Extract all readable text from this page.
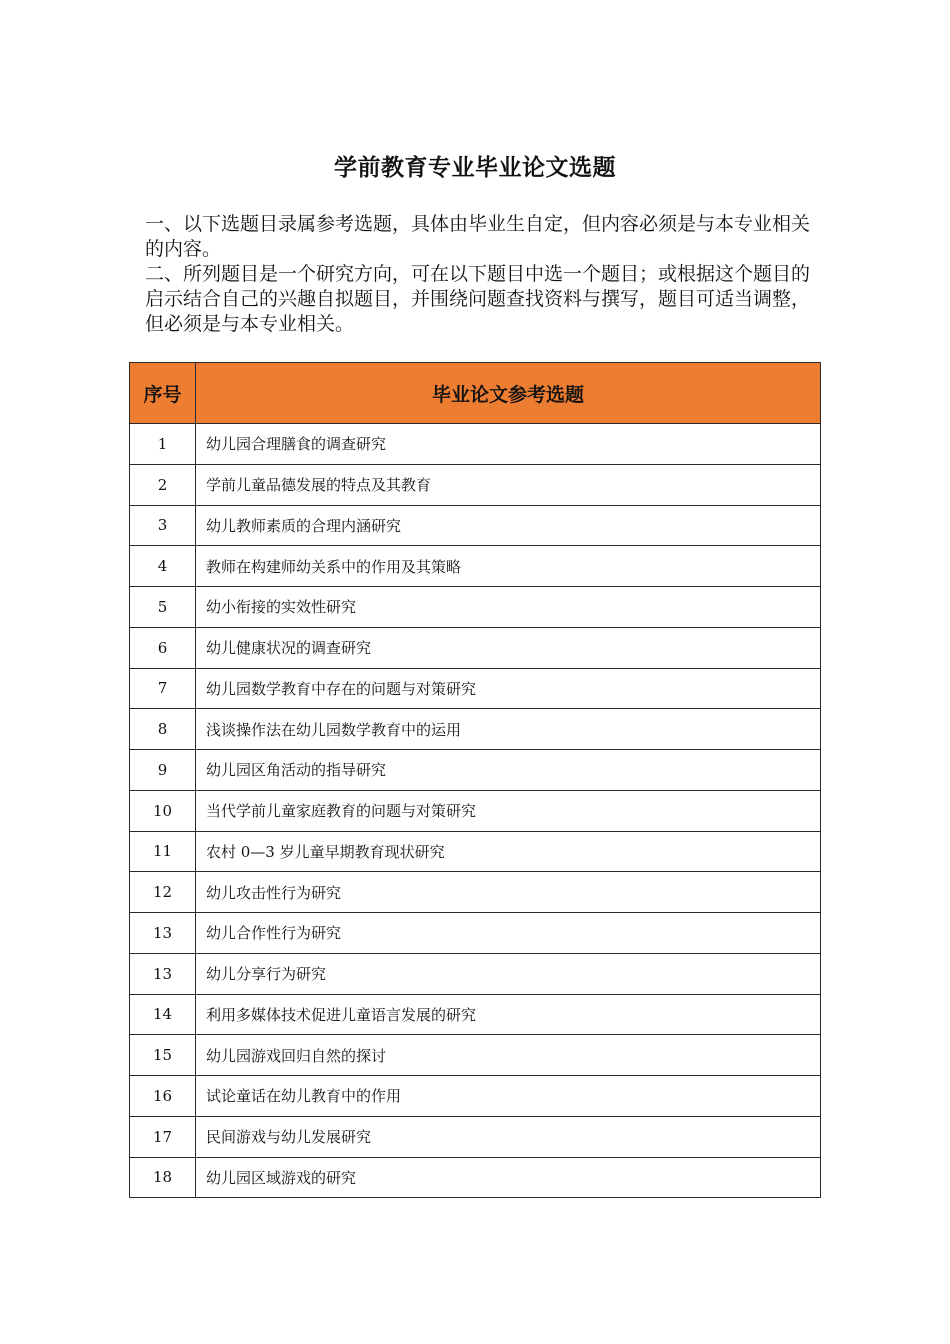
学前教育专业毕业论文选题

一、以下选题目录属参考选题，具体由毕业生自定，但内容必须是与本专业相关的内容。

二、所列题目是一个研究方向，可在以下题目中选一个题目；或根据这个题目的启示结合自己的兴趣自拟题目，并围绕问题查找资料与撰写，题目可适当调整，但必须是与本专业相关。

序号	毕业论文参考选题
1	幼儿园合理膳食的调查研究
2	学前儿童品德发展的特点及其教育
3	幼儿教师素质的合理内涵研究
4	教师在构建师幼关系中的作用及其策略
5	幼小衔接的实效性研究
6	幼儿健康状况的调查研究
7	幼儿园数学教育中存在的问题与对策研究
8	浅谈操作法在幼儿园数学教育中的运用
9	幼儿园区角活动的指导研究
10	当代学前儿童家庭教育的问题与对策研究
11	农村 0—3 岁儿童早期教育现状研究
12	幼儿攻击性行为研究
13	幼儿合作性行为研究
13	幼儿分享行为研究
14	利用多媒体技术促进儿童语言发展的研究
15	幼儿园游戏回归自然的探讨
16	试论童话在幼儿教育中的作用
17	民间游戏与幼儿发展研究
18	幼儿园区域游戏的研究
